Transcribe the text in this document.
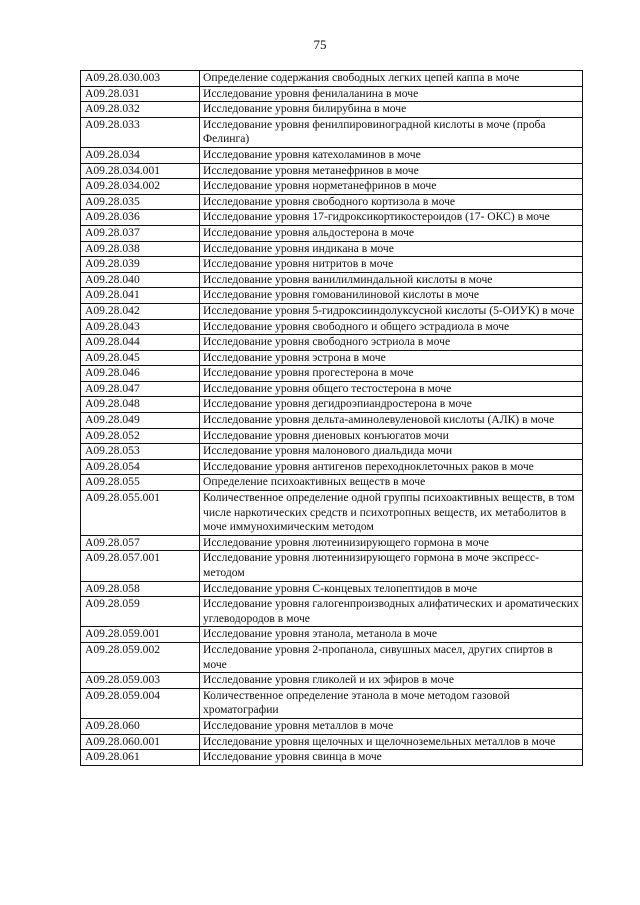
75
A09.28.030.003	Определение содержания свободных легких цепей каппа в моче
A09.28.031	Исследование уровня фенилаланина в моче
A09.28.032	Исследование уровня билирубина в моче
A09.28.033	Исследование уровня фенилпировиноградной кислоты в моче (проба Фелинга)
A09.28.034	Исследование уровня катехоламинов в моче
A09.28.034.001	Исследование уровня метанефринов в моче
A09.28.034.002	Исследование уровня норметанефринов в моче
A09.28.035	Исследование уровня свободного кортизола в моче
A09.28.036	Исследование уровня 17-гидроксикортикостероидов (17- ОКС) в моче
A09.28.037	Исследование уровня альдостерона в моче
A09.28.038	Исследование уровня индикана в моче
A09.28.039	Исследование уровня нитритов в моче
A09.28.040	Исследование уровня ванилилминдальной кислоты в моче
A09.28.041	Исследование уровня гомованилиновой кислоты в моче
A09.28.042	Исследование уровня 5-гидроксииндолуксусной кислоты (5-ОИУК) в моче
A09.28.043	Исследование уровня свободного и общего эстрадиола в моче
A09.28.044	Исследование уровня свободного эстриола в моче
A09.28.045	Исследование уровня эстрона в моче
A09.28.046	Исследование уровня прогестерона в моче
A09.28.047	Исследование уровня общего тестостерона в моче
A09.28.048	Исследование уровня дегидроэпиандростерона в моче
A09.28.049	Исследование уровня дельта-аминолевуленовой кислоты (АЛК) в моче
A09.28.052	Исследование уровня диеновых конъюгатов мочи
A09.28.053	Исследование уровня малонового диальдида мочи
A09.28.054	Исследование уровня антигенов переходноклеточных раков в моче
A09.28.055	Определение психоактивных веществ в моче
A09.28.055.001	Количественное определение одной группы психоактивных веществ, в том числе наркотических средств и психотропных веществ, их метаболитов в моче иммунохимическим методом
A09.28.057	Исследование уровня лютеинизирующего гормона в моче
A09.28.057.001	Исследование уровня лютеинизирующего гормона в моче экспресс-методом
A09.28.058	Исследование уровня С-концевых телопептидов в моче
A09.28.059	Исследование уровня галогенпроизводных алифатических и ароматических углеводородов в моче
A09.28.059.001	Исследование уровня этанола, метанола в моче
A09.28.059.002	Исследование уровня 2-пропанола, сивушных масел, других спиртов в моче
A09.28.059.003	Исследование уровня гликолей и их эфиров в моче
A09.28.059.004	Количественное определение этанола в моче методом газовой хроматографии
A09.28.060	Исследование уровня металлов в моче
A09.28.060.001	Исследование уровня щелочных и щелочноземельных металлов в моче
A09.28.061	Исследование уровня свинца в моче
